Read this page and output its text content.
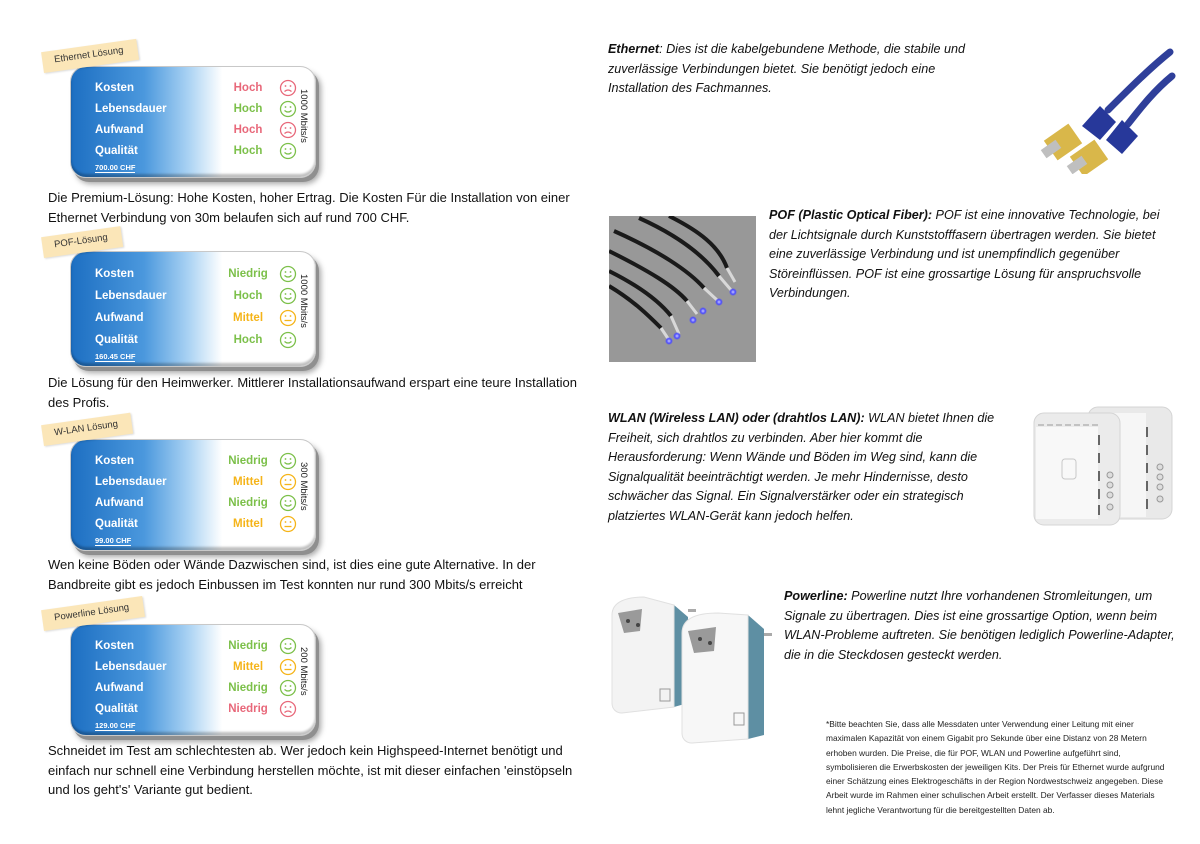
Ethernet Lösung
Kosten	Hoch
Lebensdauer	Hoch
Aufwand	Hoch
Qualität	Hoch
700.00 CHF
1000 Mbits/s
Die Premium-Lösung: Hohe Kosten, hoher Ertrag. Die Kosten Für die Installation von einer Ethernet Verbindung von 30m belaufen sich auf rund 700 CHF.
POF-Lösung
Kosten	Niedrig
Lebensdauer	Hoch
Aufwand	Mittel
Qualität	Hoch
160.45 CHF
1000 Mbits/s
Die Lösung für den Heimwerker. Mittlerer Installationsaufwand erspart eine teure Installation des Profis.
W-LAN Lösung
Kosten	Niedrig
Lebensdauer	Mittel
Aufwand	Niedrig
Qualität	Mittel
99.00 CHF
300 Mbits/s
Wen keine Böden oder Wände Dazwischen sind, ist dies eine gute Alternative. In der Bandbreite gibt es jedoch Einbussen im Test konnten nur rund 300 Mbits/s erreicht
Powerline Lösung
Kosten	Niedrig
Lebensdauer	Mittel
Aufwand	Niedrig
Qualität	Niedrig
129.00 CHF
200 Mbits/s
Schneidet im Test am schlechtesten ab. Wer jedoch kein Highspeed-Internet benötigt und einfach nur schnell eine Verbindung herstellen möchte, ist mit dieser einfachen 'einstöpseln und los geht's' Variante gut bedient.
Ethernet: Dies ist die kabelgebundene Methode, die stabile und zuverlässige Verbindungen bietet. Sie benötigt jedoch eine Installation des Fachmannes.
POF (Plastic Optical Fiber): POF ist eine innovative Technologie, bei der Lichtsignale durch Kunststofffasern übertragen werden. Sie bietet eine zuverlässige Verbindung und ist unempfindlich gegenüber Störeinflüssen. POF ist eine grossartige Lösung für anspruchsvolle Verbindungen.
WLAN (Wireless LAN) oder (drahtlos LAN): WLAN bietet Ihnen die Freiheit, sich drahtlos zu verbinden. Aber hier kommt die Herausforderung: Wenn Wände und Böden im Weg sind, kann die Signalqualität beeinträchtigt werden. Je mehr Hindernisse, desto schwächer das Signal. Ein Signalverstärker oder ein strategisch platziertes WLAN-Gerät kann jedoch helfen.
Powerline: Powerline nutzt Ihre vorhandenen Stromleitungen, um Signale zu übertragen. Dies ist eine grossartige Option, wenn beim WLAN-Probleme auftreten. Sie benötigen lediglich Powerline-Adapter, die in die Steckdosen gesteckt werden.
*Bitte beachten Sie, dass alle Messdaten unter Verwendung einer Leitung mit einer maximalen Kapazität von einem Gigabit pro Sekunde über eine Distanz von 28 Metern erhoben wurden. Die Preise, die für POF, WLAN und Powerline aufgeführt sind, symbolisieren die Erwerbskosten der jeweiligen Kits. Der Preis für Ethernet wurde aufgrund einer Schätzung eines Elektrogeschäfts in der Region Nordwestschweiz angegeben. Diese Arbeit wurde im Rahmen einer schulischen Arbeit erstellt. Der Verfasser dieses Materials lehnt jegliche Verantwortung für die bereitgestellten Daten ab.
